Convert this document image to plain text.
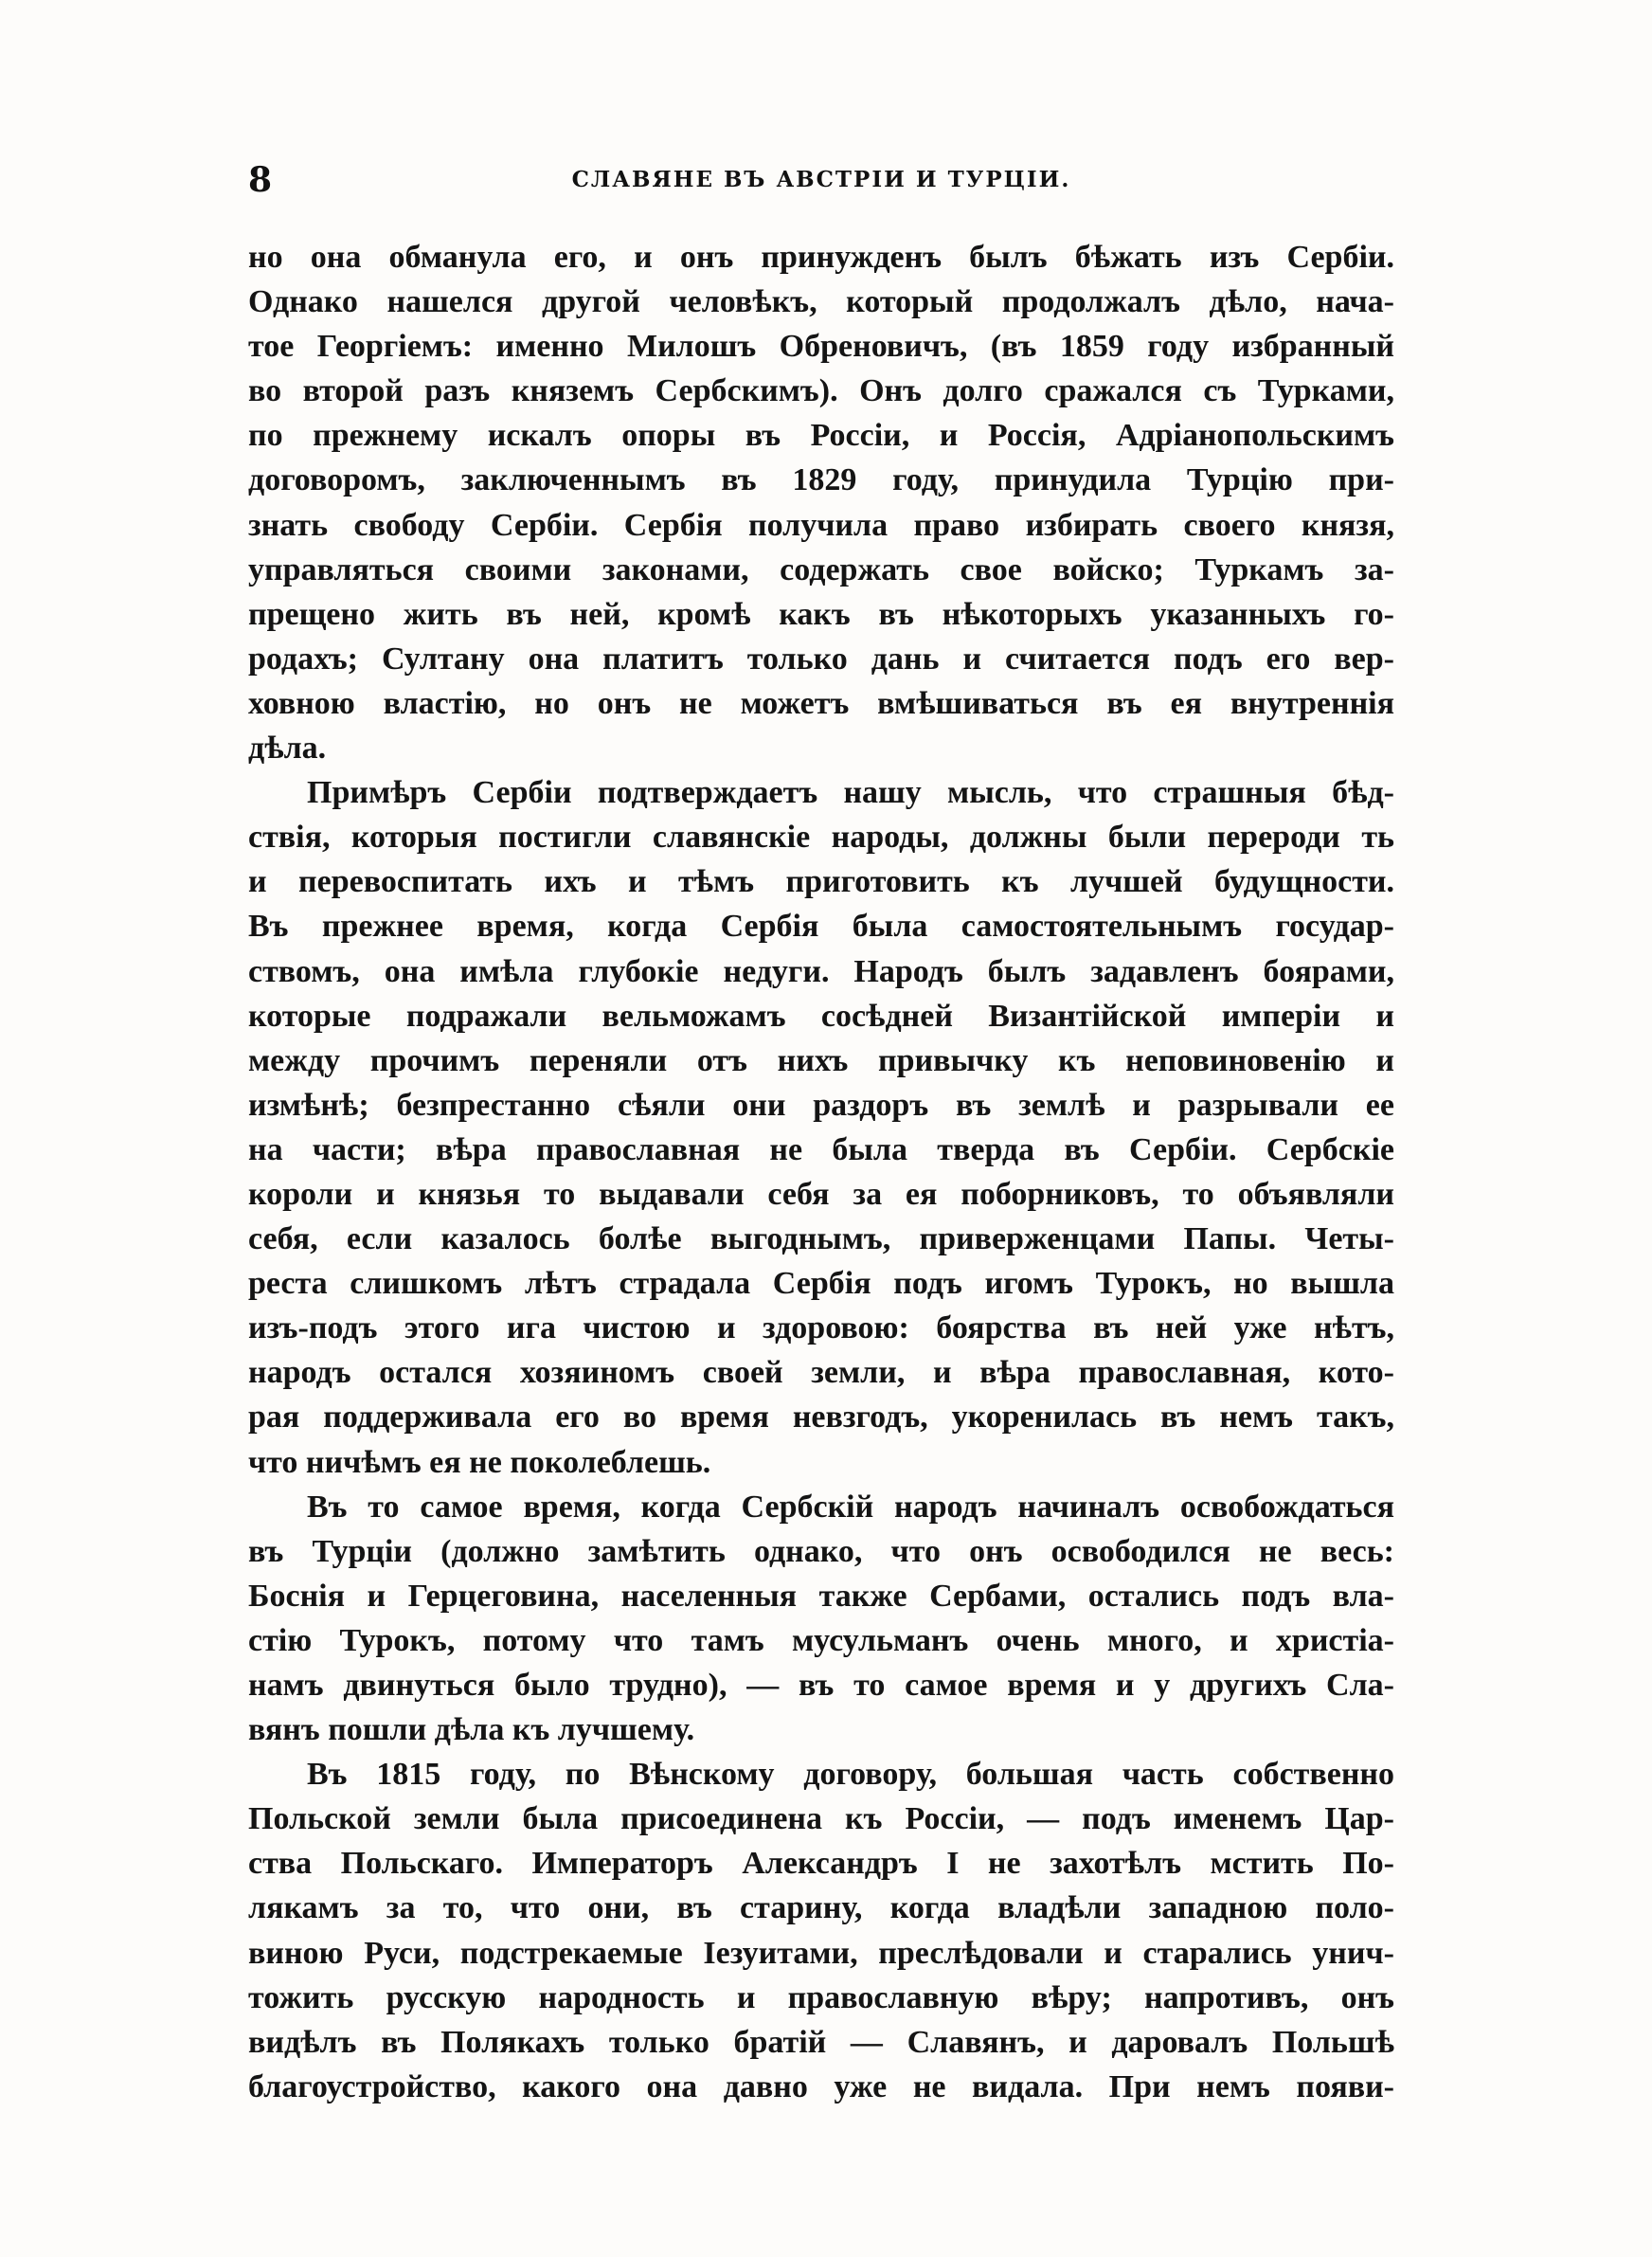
8	СЛАВЯНЕ ВЪ АВСТРІИ И ТУРЦІИ.
но она обманула его, и онъ принужденъ былъ бѣжать изъ Сербіи.
Однако нашелся другой человѣкъ, который продолжалъ дѣло, нача-
тое Георгіемъ: именно Милошъ Обреновичъ, (въ 1859 году избранный
во второй разъ княземъ Сербскимъ). Онъ долго сражался съ Турками,
по прежнему искалъ опоры въ Россіи, и Россія, Адріанопольскимъ
договоромъ, заключеннымъ въ 1829 году, принудила Турцію при-
знать свободу Сербіи. Сербія получила право избирать своего князя,
управляться своими законами, содержать свое войско; Туркамъ за-
прещено жить въ ней, кромѣ какъ въ нѣкоторыхъ указанныхъ го-
родахъ; Султану она платитъ только дань и считается подъ его вер-
ховною властію, но онъ не можетъ вмѣшиваться въ ея внутреннія
дѣла.
Примѣръ Сербіи подтверждаетъ нашу мысль, что страшныя бѣд-
ствія, которыя постигли славянскіе народы, должны были перероди ть
и перевоспитать ихъ и тѣмъ приготовить къ лучшей будущности.
Въ прежнее время, когда Сербія была самостоятельнымъ государ-
ствомъ, она имѣла глубокіе недуги. Народъ былъ задавленъ боярами,
которые подражали вельможамъ сосѣдней Византійской имперіи и
между прочимъ переняли отъ нихъ привычку къ неповиновенію и
измѣнѣ; безпрестанно сѣяли они раздоръ въ землѣ и разрывали ее
на части; вѣра православная не была тверда въ Сербіи. Сербскіе
короли и князья то выдавали себя за ея поборниковъ, то объявляли
себя, если казалось болѣе выгоднымъ, приверженцами Папы. Четы-
реста слишкомъ лѣтъ страдала Сербія подъ игомъ Турокъ, но вышла
изъ-подъ этого ига чистою и здоровою: боярства въ ней уже нѣтъ,
народъ остался хозяиномъ своей земли, и вѣра православная, кото-
рая поддерживала его во время невзгодъ, укоренилась въ немъ такъ,
что ничѣмъ ея не поколеблешь.
Въ то самое время, когда Сербскій народъ начиналъ освобождаться
въ Турціи (должно замѣтить однако, что онъ освободился не весь:
Боснія и Герцеговина, населенныя также Сербами, остались подъ вла-
стію Турокъ, потому что тамъ мусульманъ очень много, и христіа-
намъ двинуться было трудно), — въ то самое время и у другихъ Сла-
вянъ пошли дѣла къ лучшему.
Въ 1815 году, по Вѣнскому договору, большая часть собственно
Польской земли была присоединена къ Россіи, — подъ именемъ Цар-
ства Польскаго. Императоръ Александръ I не захотѣлъ мстить По-
лякамъ за то, что они, въ старину, когда владѣли западною поло-
виною Руси, подстрекаемые Іезуитами, преслѣдовали и старались унич-
тожить русскую народность и православную вѣру; напротивъ, онъ
видѣлъ въ Полякахъ только братій — Славянъ, и даровалъ Польшѣ
благоустройство, какого она давно уже не видала. При немъ появи-
